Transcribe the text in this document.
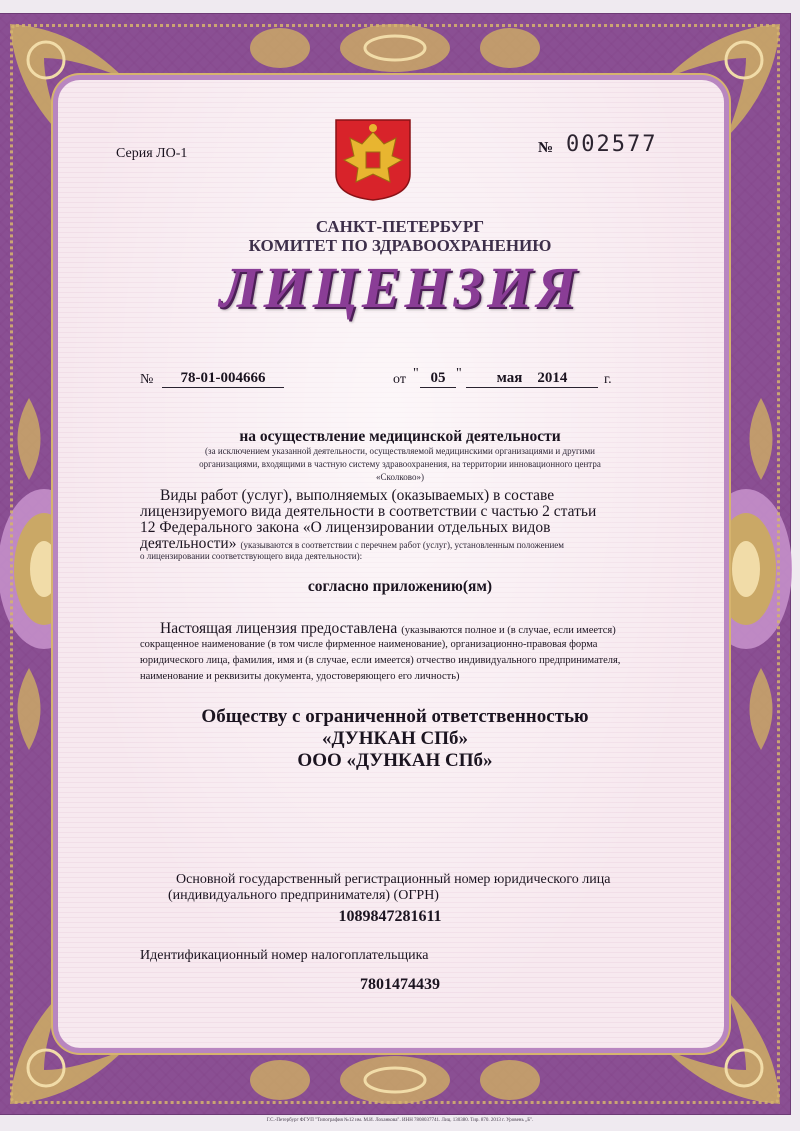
Серия ЛО-1	№ 002577
САНКТ-ПЕТЕРБУРГ
КОМИТЕТ ПО ЗДРАВООХРАНЕНИЮ
ЛИЦЕНЗИЯ
№	78-01-004666	от " 05 "	мая 2014	г.
на осуществление медицинской деятельности
(за исключением указанной деятельности, осуществляемой медицинскими организациями и другими
организациями, входящими в частную систему здравоохранения, на территории инновационного центра
«Сколково»)
Виды работ (услуг), выполняемых (оказываемых) в составе
лицензируемого вида деятельности в соответствии с частью 2 статьи
12 Федерального закона «О лицензировании отдельных видов
деятельности» (указываются в соответствии с перечнем работ (услуг), установленным положением
о лицензировании соответствующего вида деятельности):
согласно приложению(ям)
Настоящая лицензия предоставлена (указываются полное и (в случае, если имеется)
сокращенное наименование (в том числе фирменное наименование), организационно-правовая форма
юридического лица, фамилия, имя и (в случае, если имеется) отчество индивидуального предпринимателя,
наименование и реквизиты документа, удостоверяющего его личность)
Обществу с ограниченной ответственностью
«ДУНКАН СПб»
ООО «ДУНКАН СПб»
Основной государственный регистрационный номер юридического лица
(индивидуального предпринимателя) (ОГРН)
1089847281611
Идентификационный номер налогоплательщика
7801474439
Г.С.-Петербург ФГУП "Типография №12 им. М.И. Лоханкова". ИНН 7808037741. Лиц. 130380. Тир. 870. 2013 г. Уровень „Б".
